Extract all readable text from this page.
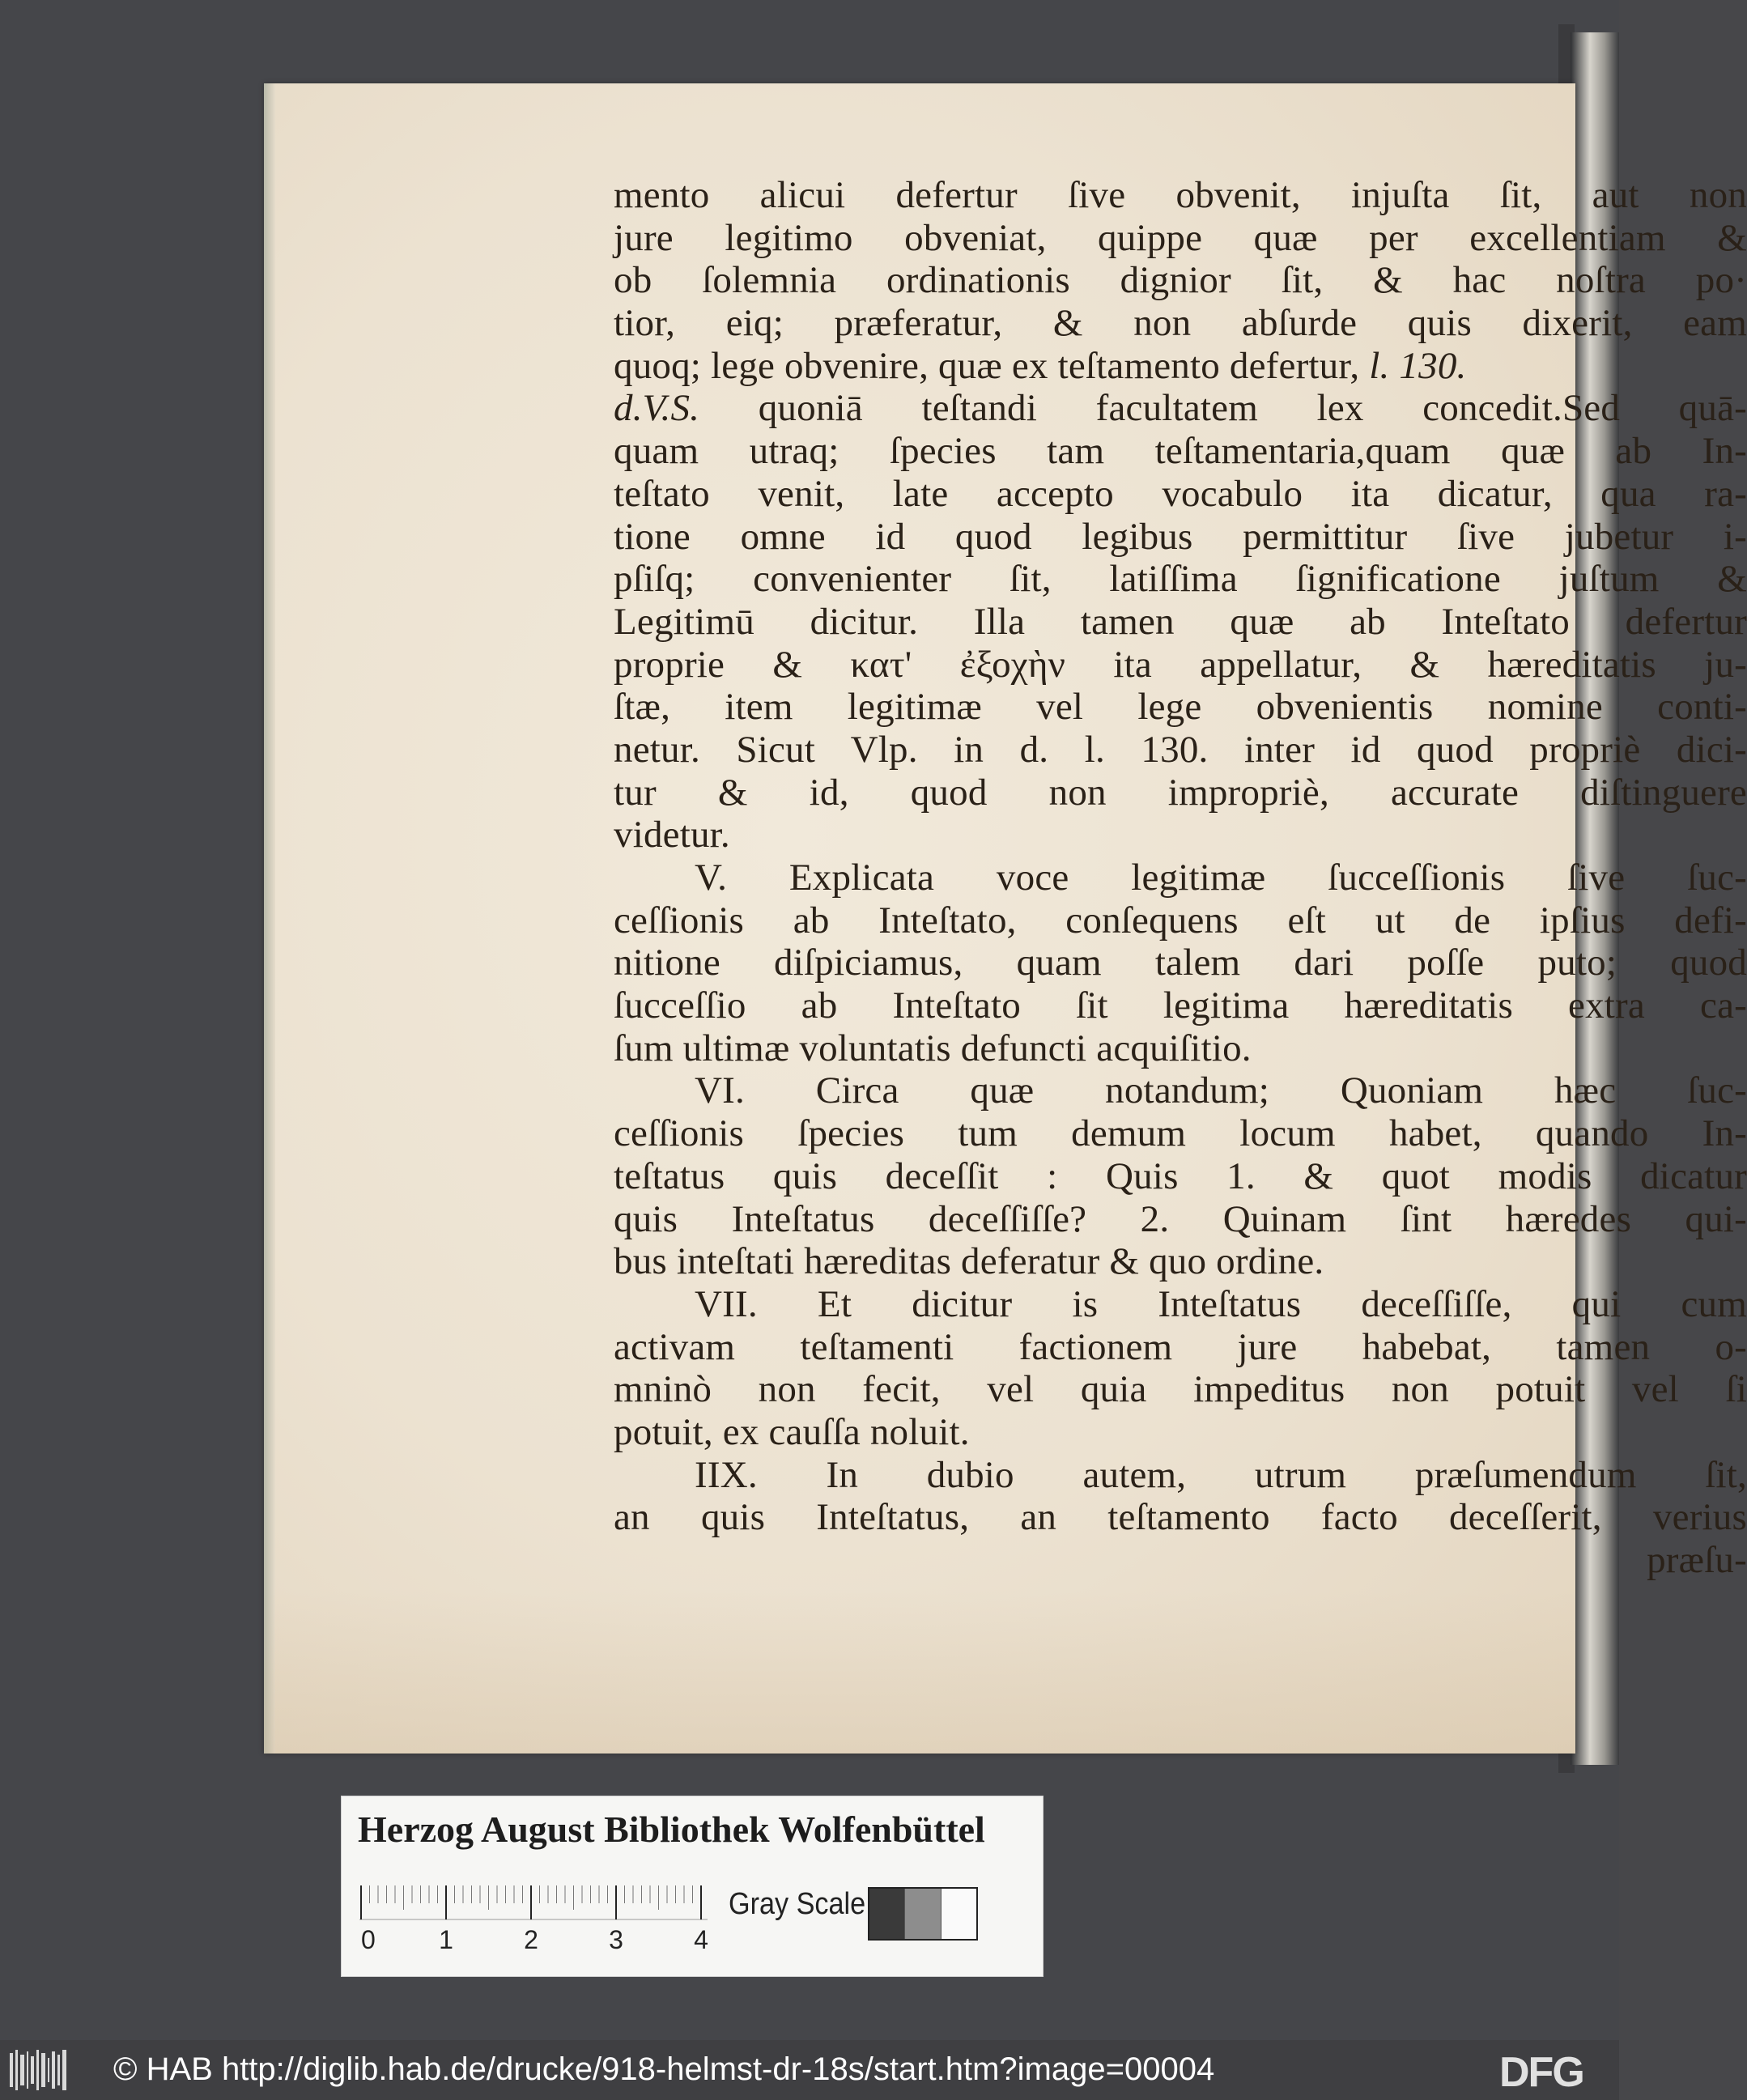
mento alicui defertur ſive obvenit, injuſta ſit, aut non
jure legitimo obveniat, quippe quæ per excellentiam &
ob ſolemnia ordinationis dignior ſit, & hac noſtra po·
tior, eiq; præferatur, & non abſurde quis dixerit, eam
quoq; lege obvenire, quæ ex teſtamento defertur, l. 130.
d.V.S. quoniā teſtandi facultatem lex concedit.Sed quā-
quam utraq; ſpecies tam teſtamentaria,quam quæ ab In-
teſtato venit, late accepto vocabulo ita dicatur, qua ra-
tione omne id quod legibus permittitur ſive jubetur i-
pſiſq; convenienter ſit, latiſſima ſignificatione juſtum &
Legitimū dicitur. Illa tamen quæ ab Inteſtato defertur
proprie & κατ' ἐξοχὴν ita appellatur, & hæreditatis ju-
ſtæ, item legitimæ vel lege obvenientis nomine conti-
netur. Sicut Vlp. in d. l. 130. inter id quod propriè dici-
tur & id, quod non impropriè, accurate diſtinguere
videtur.
V. Explicata voce legitimæ ſucceſſionis ſive ſuc-
ceſſionis ab Inteſtato, conſequens eſt ut de ipſius defi-
nitione diſpiciamus, quam talem dari poſſe puto; quod
ſucceſſio ab Inteſtato ſit legitima hæreditatis extra ca-
ſum ultimæ voluntatis defuncti acquiſitio.
VI. Circa quæ notandum; Quoniam hæc ſuc-
ceſſionis ſpecies tum demum locum habet, quando In-
teſtatus quis deceſſit : Quis 1. & quot modis dicatur
quis Inteſtatus deceſſiſſe? 2. Quinam ſint hæredes qui-
bus inteſtati hæreditas deferatur & quo ordine.
VII. Et dicitur is Inteſtatus deceſſiſſe, qui cum
activam teſtamenti factionem jure habebat, tamen o-
mninò non fecit, vel quia impeditus non potuit vel ſi
potuit, ex cauſſa noluit.
IIX. In dubio autem, utrum præſumendum ſit,
an quis Inteſtatus, an teſtamento facto deceſſerit, verius
præſu-
Herzog August Bibliothek Wolfenbüttel
0 1	2	3	4
Gray Scale
© HAB http://diglib.hab.de/drucke/918-helmst-dr-18s/start.htm?image=00004	DFG
